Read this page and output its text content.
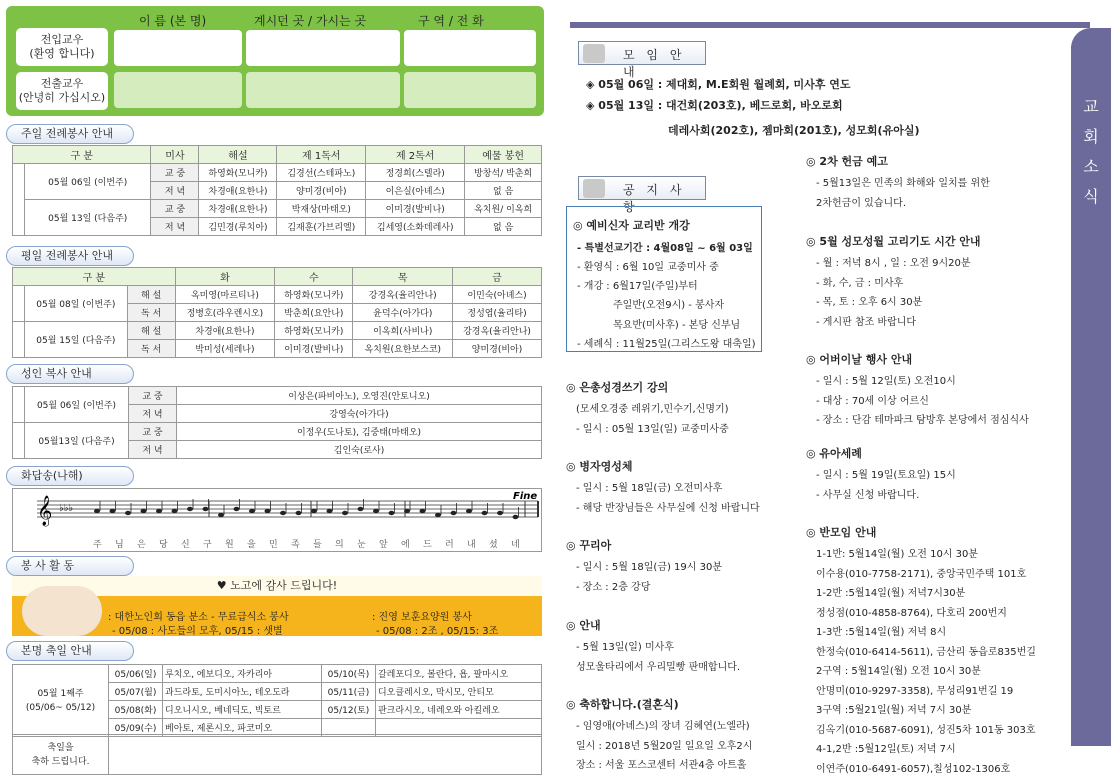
이 름 (본 명)	계시던 곳 / 가시는 곳	구 역 / 전 화
전입교우
(환영 합니다)
전출교우
(안녕히 가십시오)
주일 전례봉사 안내
구 분		미사	해설	제 1독서	제 2독서	예물 봉헌
	05월 06일 (이번주)	교 중	하영화(모니카)	김경선(스테파노)	정경희(스텔라)	방창석/ 박춘희
		저 녁	차경애(요한나)	양미경(비아)	이은실(아녜스)	없 음
	05월 13일 (다음주)	교 중	차경애(요한나)	박재상(마태오)	이미경(발비나)	옥치원/ 이옥희
		저 녁	김민경(루치아)	김재훈(가브리엘)	김세영(소화데레사)	없 음
평일 전례봉사 안내
구 분			화	수	목	금
	05월 08일 (이번주)	해 설	옥미영(마르티나)	하영화(모니카)	강경옥(율리안나)	이민숙(아녜스)
		독 서	정병호(라우렌시오)	박춘희(요안나)	윤덕수(아가다)	정성엽(율리타)
	05월 15일 (다음주)	해 설	차경애(요한나)	하영화(모니카)	이옥희(사비나)	강경옥(율리안나)
		독 서	박미성(세레나)	이미경(발비나)	옥치원(요한보스코)	양미경(비아)
성인 복사 안내
	05월 06일 (이번주)	교 중	이상은(파비아노), 오영진(안토니오)
		저 녁	강영숙(아가다)
	05월13일 (다음주)	교 중	이정우(도나토), 김중태(마태오)
		저 녁	김인숙(로사)
화답송(나해)
𝄞 ♭♭♭
Fine
주 님 은 당 신 구 원 을 민 족 들 의 눈 앞 에 드 러 내 셨 네
봉 사 활 동
♥ 노고에 감사 드립니다!
: 대한노인회 동읍 분소 - 무료급식소 봉사
- 05/08 : 사도들의 모후, 05/15 : 샛별
: 진영 보훈요양원 봉사
- 05/08 : 2조 , 05/15: 3조
본명 축일 안내
05월 1째주
(05/06~ 05/12)	05/06(일)	루치오, 에보디오, 자카리아	05/10(목)	갈레포디오, 볼란다, 욥, 팔마시오
	05/07(월)	과드라토, 도미시아노, 테오도라	05/11(금)	디오클레시오, 막시모, 안티모
	05/08(화)	디오니시오, 베네딕도, 빅토르	05/12(토)	판크라시오, 네레오와 아킬레오
	05/09(수)	베아토, 제론시오, 파코미오		
축일을
축하 드립니다.	
교
회
소
식
모 임 안 내
◈ 05월 06일 : 제대회, M.E회원 월례회, 미사후 연도
◈ 05월 13일 : 대건회(203호), 베드로회, 바오로회
데레사회(202호), 젬마회(201호), 성모회(유아실)
공 지 사 항
◎ 예비신자 교리반 개강
- 특별선교기간 : 4월08일 ~ 6월 03일
- 환영식 : 6월 10일 교중미사 중
- 개강 : 6월17일(주일)부터
주일반(오전9시) - 봉사자
목요반(미사후) - 본당 신부님
- 세례식 : 11월25일(그리스도왕 대축일)
◎ 은총성경쓰기 강의
(모세오경중 레위기,민수기,신명기)
- 일시 : 05월 13일(일) 교중미사중
◎ 병자영성체
- 일시 : 5월 18일(금) 오전미사후
- 해당 반장님들은 사무실에 신청 바랍니다
◎ 꾸리아
- 일시 : 5월 18일(금) 19시 30분
- 장소 : 2층 강당
◎ 안내
- 5월 13일(일) 미사후
성모울타리에서 우리밀빵 판매합니다.
◎ 축하합니다.(결혼식)
- 임영애(아녜스)의 장녀 김혜연(노엘라)
일시 : 2018년 5월20일 일요일 오후2시
장소 : 서울 포스코센터 서관4층 아트홀
◎ 2차 헌금 예고
- 5월13일은 민족의 화해와 일치를 위한
2차헌금이 있습니다.
◎ 5월 성모성월 고리기도 시간 안내
- 월 : 저녁 8시 , 일 : 오전 9시20분
- 화, 수, 금 : 미사후
- 목, 토 : 오후 6시 30분
- 게시판 참조 바랍니다
◎ 어버이날 행사 안내
- 일시 : 5월 12일(토) 오전10시
- 대상 : 70세 이상 어르신
- 장소 : 단감 테마파크 탐방후 본당에서 점심식사
◎ 유아세례
- 일시 : 5월 19일(토요일) 15시
- 사무실 신청 바랍니다.
◎ 반모임 안내
1-1반: 5월14일(월) 오전 10시 30분
이수용(010-7758-2171), 중앙국민주택 101호
1-2반 :5월14일(월) 저녁7시30분
정성점(010-4858-8764), 다호리 200번지
1-3반 :5월14일(월) 저녁 8시
한정숙(010-6414-5611), 금산리 동읍로835번길
2구역 : 5월14일(월) 오전 10시 30분
안명미(010-9297-3358), 무성리91번길 19
3구역 :5월21일(월) 저녁 7시 30분
김옥기(010-5687-6091), 성진5차 101동 303호
4-1,2반 :5월12일(토) 저녁 7시
이연주(010-6491-6057),칠성102-1306호
